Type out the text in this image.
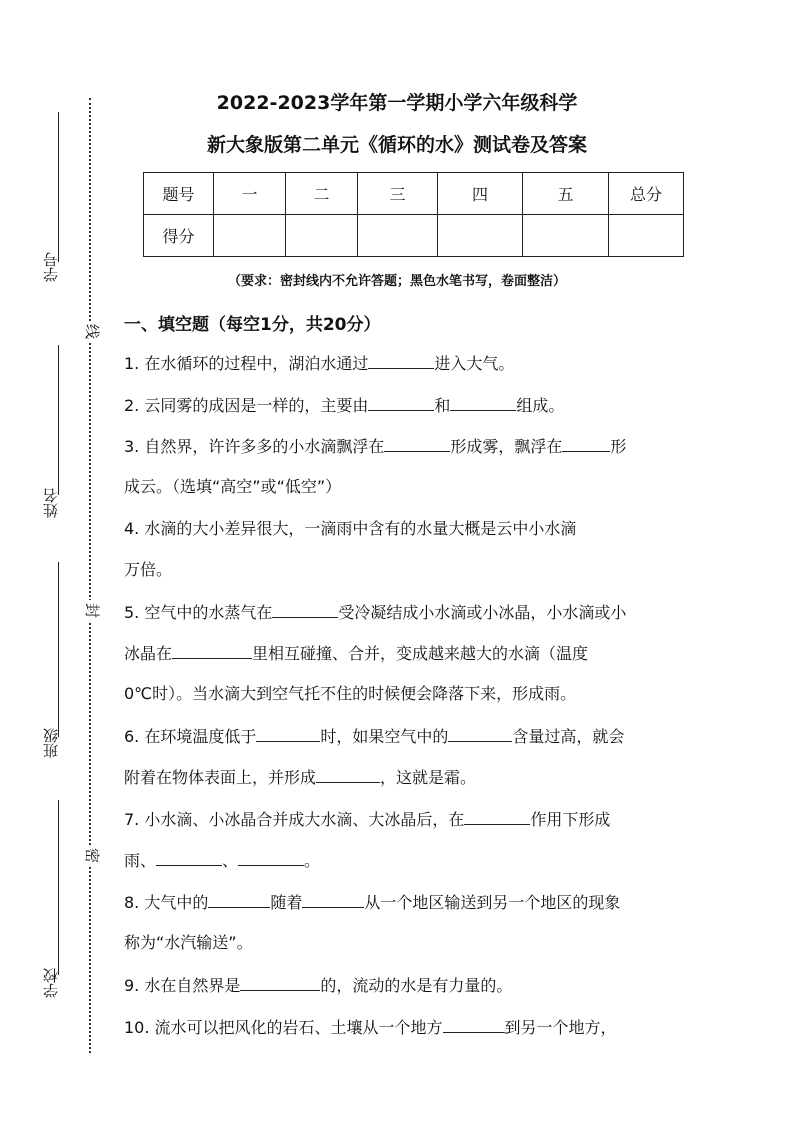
学号
姓名
班级
学校
线
封
密
2022-2023学年第一学期小学六年级科学
新大象版第二单元《循环的水》测试卷及答案
题号	一	二	三	四	五	总分
得分						
（要求：密封线内不允许答题；黑色水笔书写，卷面整洁）
一、填空题（每空1分，共20分）
1. 在水循环的过程中，湖泊水通过	进入大气。
2. 云同雾的成因是一样的，主要由	和	组成。
3. 自然界，许许多多的小水滴飘浮在	形成雾，飘浮在	形
成云。（选填“高空”或“低空”）
4. 水滴的大小差异很大，一滴雨中含有的水量大概是云中小水滴
万倍。
5. 空气中的水蒸气在	受冷凝结成小水滴或小冰晶，小水滴或小
冰晶在	里相互碰撞、合并，变成越来越大的水滴（温度
0℃时）。当水滴大到空气托不住的时候便会降落下来，形成雨。
6. 在环境温度低于	时，如果空气中的	含量过高，就会
附着在物体表面上，并形成	，这就是霜。
7. 小水滴、小冰晶合并成大水滴、大冰晶后，在	作用下形成
雨、	、	。
8. 大气中的	随着	从一个地区输送到另一个地区的现象
称为“水汽输送”。
9. 水在自然界是	的，流动的水是有力量的。
10. 流水可以把风化的岩石、土壤从一个地方	到另一个地方，
